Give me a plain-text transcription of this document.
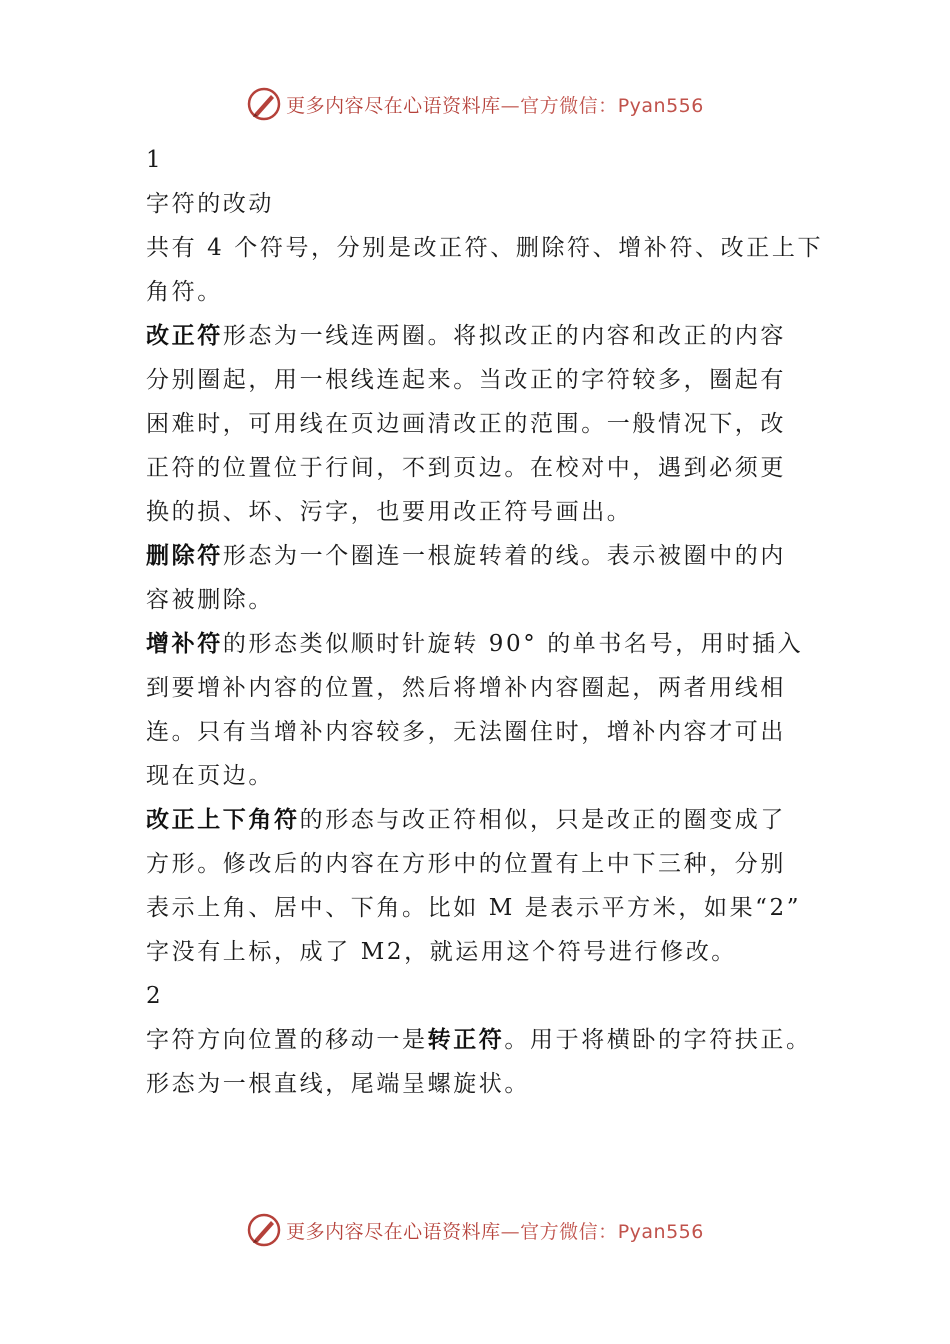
更多内容尽在心语资料库—官方微信：Pyan556
1
字符的改动
共有 4 个符号，分别是改正符、删除符、增补符、改正上下
角符。
改正符形态为一线连两圈。将拟改正的内容和改正的内容
分别圈起，用一根线连起来。当改正的字符较多，圈起有
困难时，可用线在页边画清改正的范围。一般情况下，改
正符的位置位于行间，不到页边。在校对中，遇到必须更
换的损、坏、污字，也要用改正符号画出。
删除符形态为一个圈连一根旋转着的线。表示被圈中的内
容被删除。
增补符的形态类似顺时针旋转 90° 的单书名号，用时插入
到要增补内容的位置，然后将增补内容圈起，两者用线相
连。只有当增补内容较多，无法圈住时，增补内容才可出
现在页边。
改正上下角符的形态与改正符相似，只是改正的圈变成了
方形。修改后的内容在方形中的位置有上中下三种，分别
表示上角、居中、下角。比如 M 是表示平方米，如果“2”
字没有上标，成了 M2，就运用这个符号进行修改。
2
字符方向位置的移动一是转正符。用于将横卧的字符扶正。
形态为一根直线，尾端呈螺旋状。
更多内容尽在心语资料库—官方微信：Pyan556
